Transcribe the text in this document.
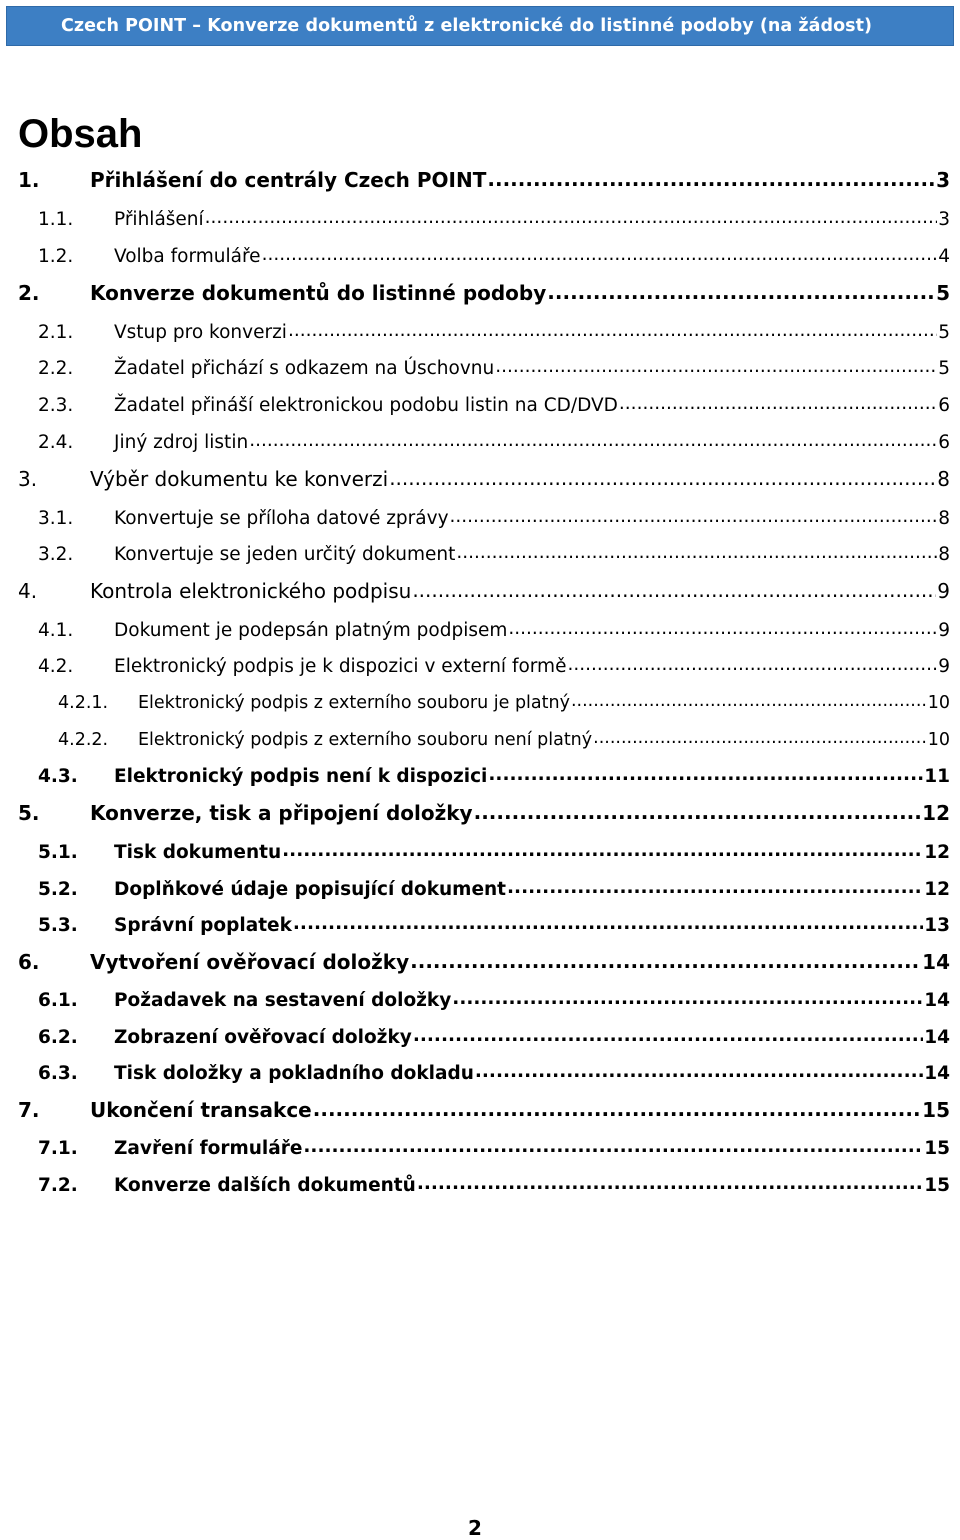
Czech POINT – Konverze dokumentů z elektronické do listinné podoby (na žádost)
Obsah
1.	Přihlášení do centrály Czech POINT .....	3
1.1.	Přihlášení .....	3
1.2.	Volba formuláře .....	4
2.	Konverze dokumentů do listinné podoby .....	5
2.1.	Vstup pro konverzi .....	5
2.2.	Žadatel přichází s odkazem na Úschovnu .....	5
2.3.	Žadatel přináší elektronickou podobu listin na CD/DVD .....	6
2.4.	Jiný zdroj listin .....	6
3.	Výběr dokumentu ke konverzi .....	8
3.1.	Konvertuje se příloha datové zprávy .....	8
3.2.	Konvertuje se jeden určitý dokument .....	8
4.	Kontrola elektronického podpisu .....	9
4.1.	Dokument je podepsán platným podpisem .....	9
4.2.	Elektronický podpis je k dispozici v externí formě .....	9
4.2.1.	Elektronický podpis z externího souboru je platný .....	10
4.2.2.	Elektronický podpis z externího souboru není platný .....	10
4.3.	Elektronický podpis není k dispozici .....	11
5.	Konverze, tisk a připojení doložky .....	12
5.1.	Tisk dokumentu .....	12
5.2.	Doplňkové údaje popisující dokument .....	12
5.3.	Správní poplatek .....	13
6.	Vytvoření ověřovací doložky .....	14
6.1.	Požadavek na sestavení doložky .....	14
6.2.	Zobrazení ověřovací doložky .....	14
6.3.	Tisk doložky a pokladního dokladu .....	14
7.	Ukončení transakce .....	15
7.1.	Zavření formuláře .....	15
7.2.	Konverze dalších dokumentů .....	15
2
